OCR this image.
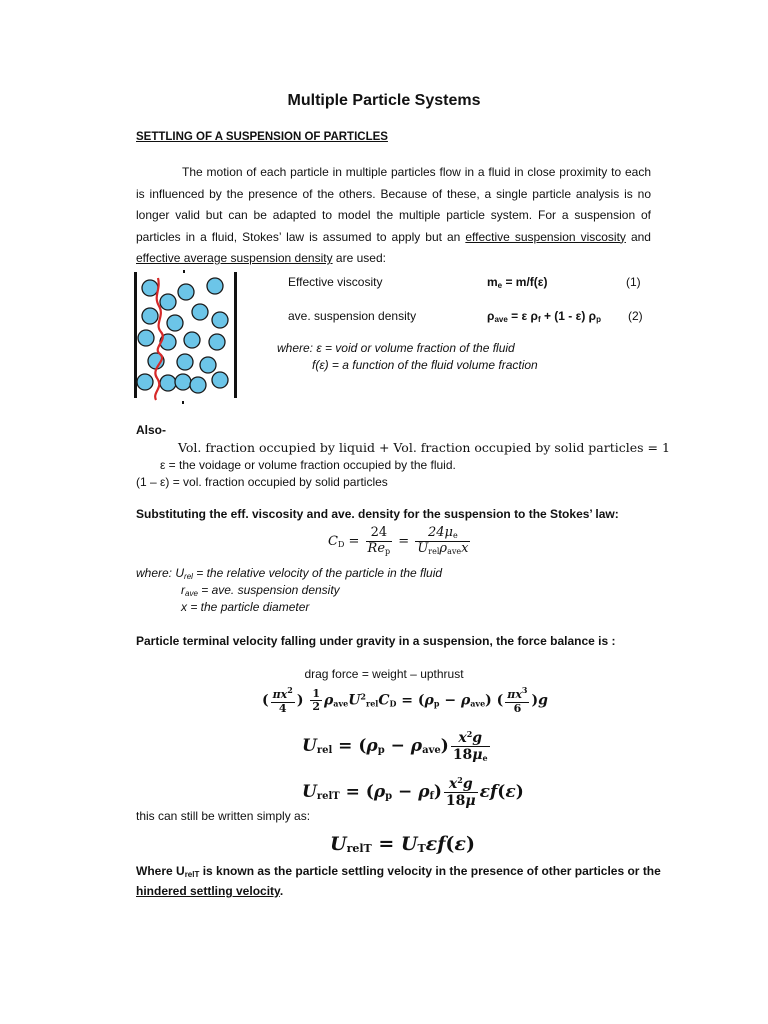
Multiple Particle Systems
SETTLING OF A SUSPENSION OF PARTICLES
The motion of each particle in multiple particles flow in a fluid in close proximity to each is influenced by the presence of the others. Because of these, a single particle analysis is no longer valid but can be adapted to model the multiple particle system. For a suspension of particles in a fluid, Stokes’ law is assumed to apply but an effective suspension viscosity and effective average suspension density are used:
Effective viscosity	$m_e = m/f(\varepsilon)$	(1)
ave. suspension density	$\rho_{ave} = \varepsilon$ $\rho_f + (1 - \varepsilon)$ $\rho_p$ (2)
where: ε = void or volume fraction of the fluid
f(ε) = a function of the fluid volume fraction
Also-
Vol. fraction occupied by liquid + Vol. fraction occupied by solid particles = 1
ε = the voidage or volume fraction occupied by the fluid.
(1 – ε) = vol. fraction occupied by solid particles
Substituting the eff. viscosity and ave. density for the suspension to the Stokes’ law:
$C_D = \frac{24}{Re_p} = \frac{24\mu_e}{U_{rel}\rho_{ave}x}$
where: $U_{rel}$ = the relative velocity of the particle in the fluid
$r_{ave}$ = ave. suspension density
x = the particle diameter
Particle terminal velocity falling under gravity in a suspension, the force balance is :
drag force = weight – upthrust
( $\frac{\pi x^2}{4}$ ) $\frac{1}{2} \rho_{ave}U^2_{rel}C_D = (\rho_p - \rho_{ave})$ ( $\frac{\pi x^3}{6} )g$
$U_{rel} = (\rho_p - \rho_{ave}) \frac{x^2g}{18\mu_e}$
$U_{relT} = (\rho_p - \rho_f) \frac{x^2g}{18\mu} \varepsilon f(\varepsilon)$
this can still be written simply as:
$U_{relT} = U_T\varepsilon f(\varepsilon)$
Where $U_{relT}$ is known as the particle settling velocity in the presence of other particles or the
hindered settling velocity.
